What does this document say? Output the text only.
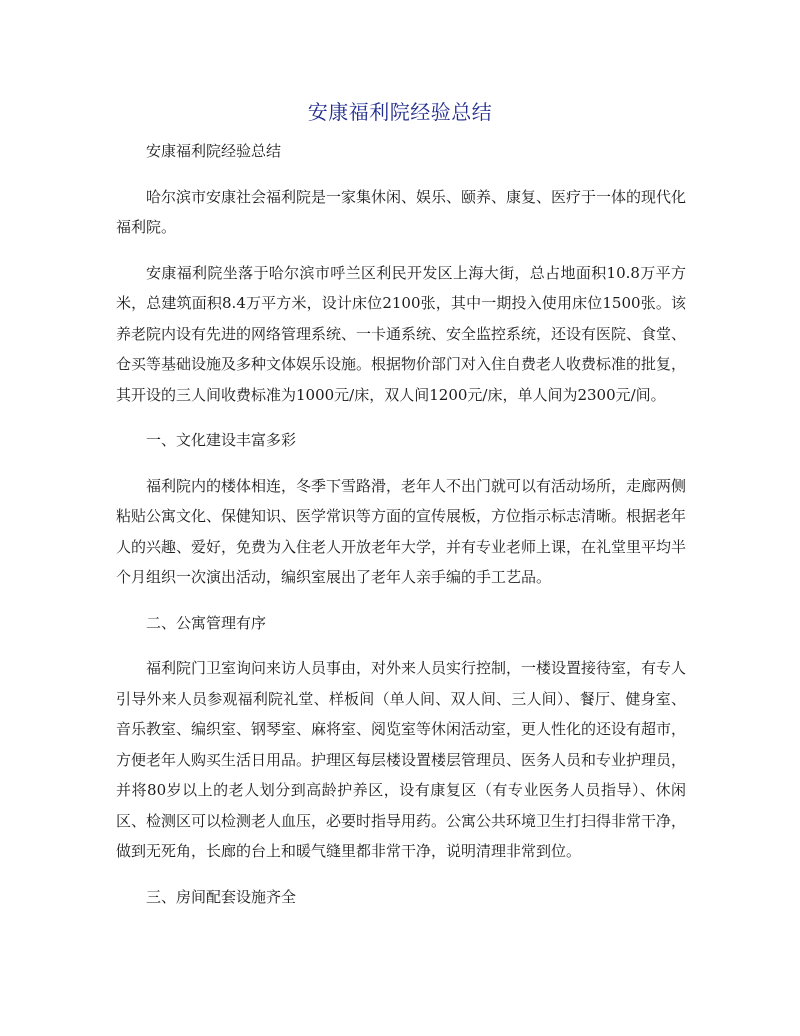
安康福利院经验总结

安康福利院经验总结

哈尔滨市安康社会福利院是一家集休闲、娱乐、颐养、康复、医疗于一体的现代化福利院。

安康福利院坐落于哈尔滨市呼兰区利民开发区上海大街，总占地面积10.8万平方米，总建筑面积8.4万平方米，设计床位2100张，其中一期投入使用床位1500张。该养老院内设有先进的网络管理系统、一卡通系统、安全监控系统，还设有医院、食堂、仓买等基础设施及多种文体娱乐设施。根据物价部门对入住自费老人收费标准的批复，其开设的三人间收费标准为1000元/床，双人间1200元/床，单人间为2300元/间。

一、文化建设丰富多彩

福利院内的楼体相连，冬季下雪路滑，老年人不出门就可以有活动场所，走廊两侧粘贴公寓文化、保健知识、医学常识等方面的宣传展板，方位指示标志清晰。根据老年人的兴趣、爱好，免费为入住老人开放老年大学，并有专业老师上课，在礼堂里平均半个月组织一次演出活动，编织室展出了老年人亲手编的手工艺品。

二、公寓管理有序

福利院门卫室询问来访人员事由，对外来人员实行控制，一楼设置接待室，有专人引导外来人员参观福利院礼堂、样板间（单人间、双人间、三人间）、餐厅、健身室、音乐教室、编织室、钢琴室、麻将室、阅览室等休闲活动室，更人性化的还设有超市，方便老年人购买生活日用品。护理区每层楼设置楼层管理员、医务人员和专业护理员，并将80岁以上的老人划分到高龄护养区，设有康复区（有专业医务人员指导）、休闲区、检测区可以检测老人血压，必要时指导用药。公寓公共环境卫生打扫得非常干净，做到无死角，长廊的台上和暖气缝里都非常干净，说明清理非常到位。

三、房间配套设施齐全
